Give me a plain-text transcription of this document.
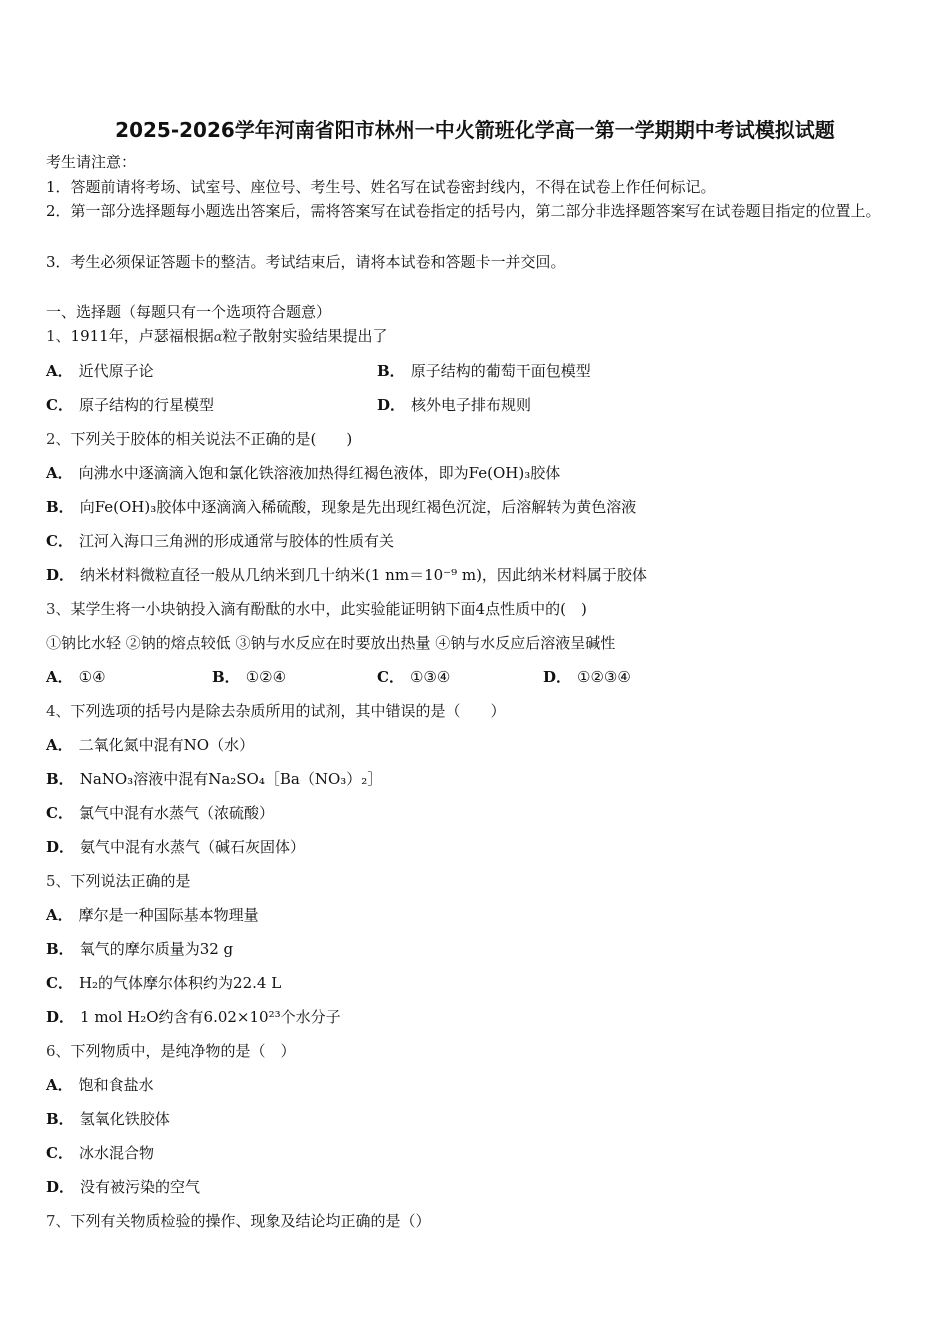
2025-2026学年河南省阳市林州一中火箭班化学高一第一学期期中考试模拟试题
考生请注意：
1．答题前请将考场、试室号、座位号、考生号、姓名写在试卷密封线内，不得在试卷上作任何标记。
2．第一部分选择题每小题选出答案后，需将答案写在试卷指定的括号内，第二部分非选择题答案写在试卷题目指定的位置上。
3．考生必须保证答题卡的整洁。考试结束后，请将本试卷和答题卡一并交回。
一、选择题（每题只有一个选项符合题意）
1、1911年，卢瑟福根据α粒子散射实验结果提出了
A． 近代原子论	B． 原子结构的葡萄干面包模型
C． 原子结构的行星模型	D． 核外电子排布规则
2、下列关于胶体的相关说法不正确的是(　　)
A． 向沸水中逐滴滴入饱和氯化铁溶液加热得红褐色液体，即为Fe(OH)₃胶体
B． 向Fe(OH)₃胶体中逐滴滴入稀硫酸，现象是先出现红褐色沉淀，后溶解转为黄色溶液
C． 江河入海口三角洲的形成通常与胶体的性质有关
D． 纳米材料微粒直径一般从几纳米到几十纳米(1 nm＝10⁻⁹ m)，因此纳米材料属于胶体
3、某学生将一小块钠投入滴有酚酞的水中，此实验能证明钠下面4点性质中的(　)
①钠比水轻 ②钠的熔点较低 ③钠与水反应在时要放出热量 ④钠与水反应后溶液呈碱性
A． ①④	B． ①②④	C． ①③④	D． ①②③④
4、下列选项的括号内是除去杂质所用的试剂，其中错误的是（　　）
A． 二氧化氮中混有NO（水）
B． NaNO₃溶液中混有Na₂SO₄［Ba（NO₃）₂］
C． 氯气中混有水蒸气（浓硫酸）
D． 氨气中混有水蒸气（碱石灰固体）
5、下列说法正确的是
A． 摩尔是一种国际基本物理量
B． 氧气的摩尔质量为32 g
C． H₂的气体摩尔体积约为22.4 L
D． 1 mol H₂O约含有6.02×10²³个水分子
6、下列物质中，是纯净物的是（　）
A． 饱和食盐水
B． 氢氧化铁胶体
C． 冰水混合物
D． 没有被污染的空气
7、下列有关物质检验的操作、现象及结论均正确的是（）
